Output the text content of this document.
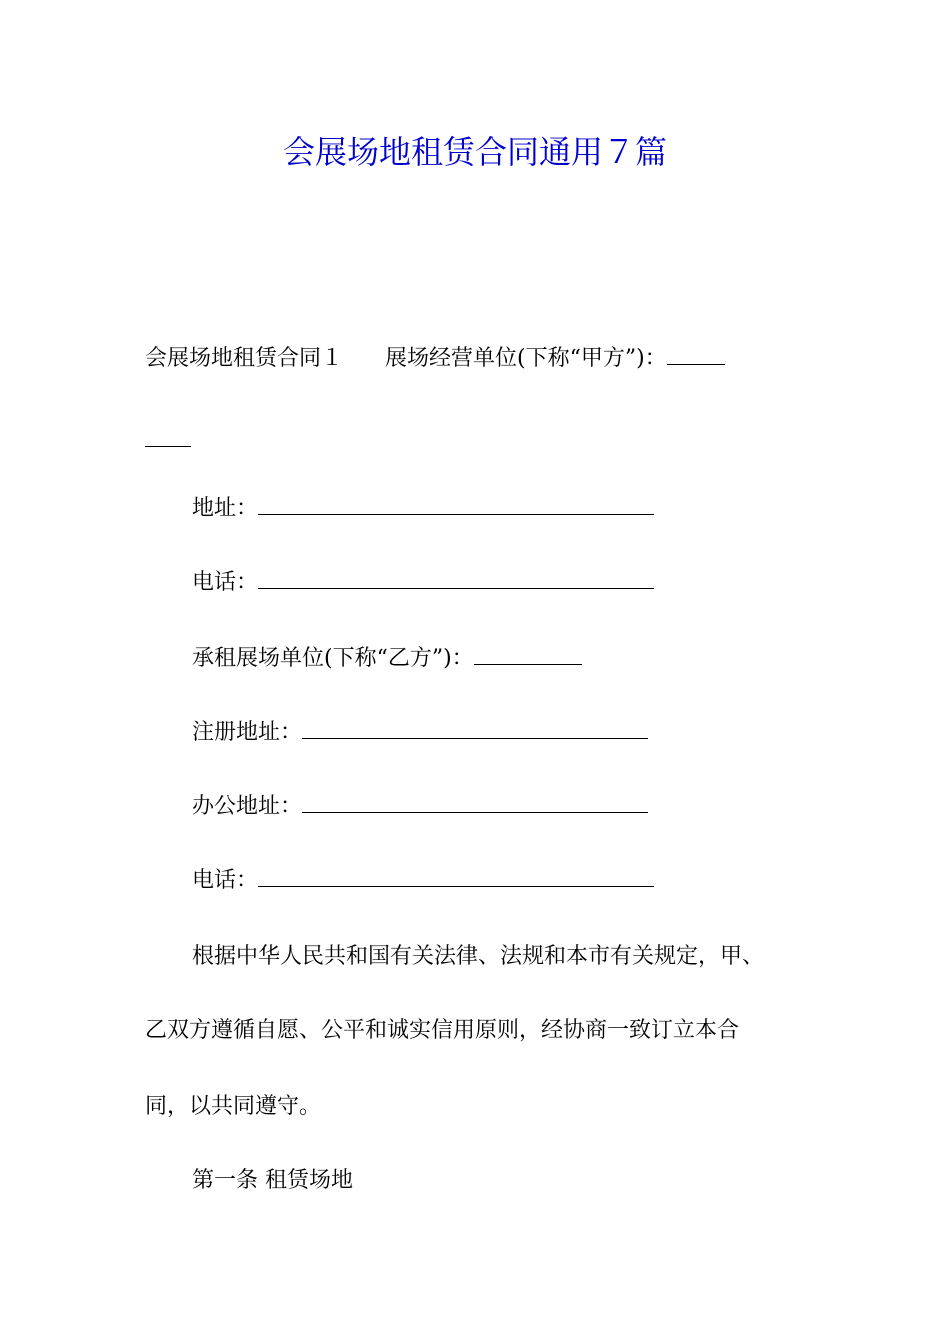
会展场地租赁合同通用７篇
会展场地租赁合同１ 展场经营单位(下称“甲方”)：
地址：
电话：
承租展场单位(下称“乙方”)：
注册地址：
办公地址：
电话：
根据中华人民共和国有关法律、法规和本市有关规定，甲、
乙双方遵循自愿、公平和诚实信用原则，经协商一致订立本合
同，以共同遵守。
第一条 租赁场地
